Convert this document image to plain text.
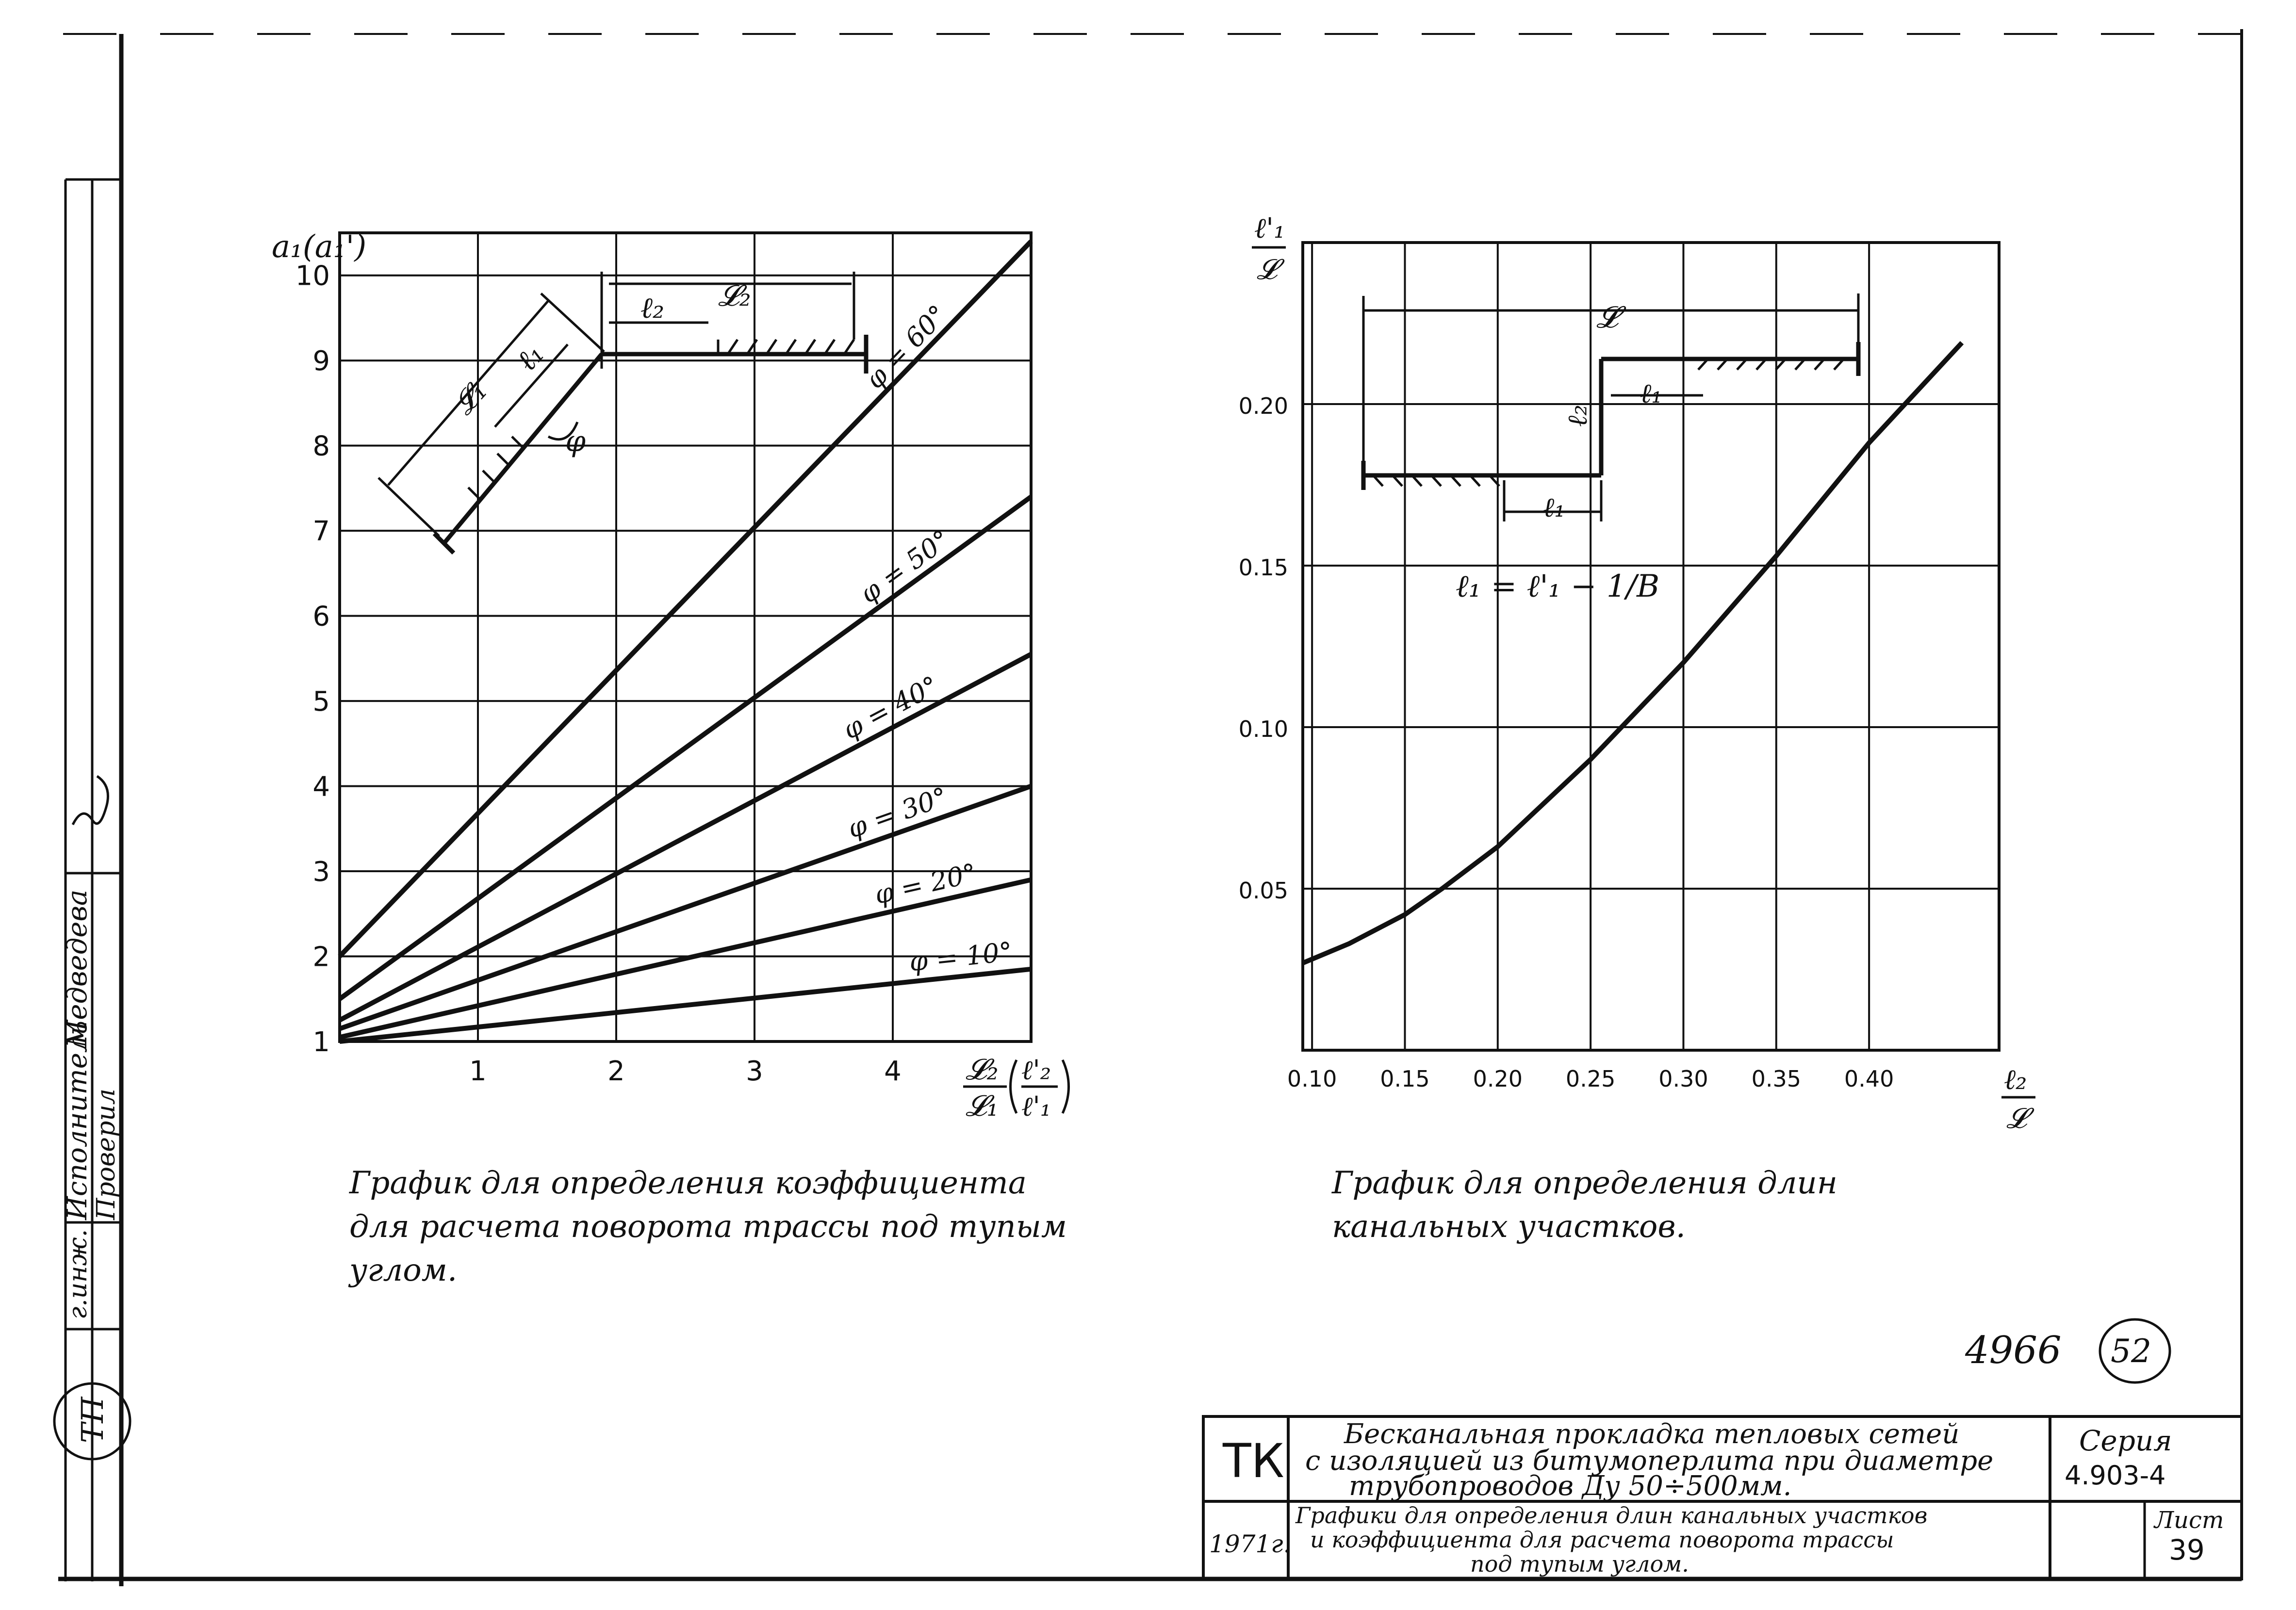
Исполнитель
Медведева
Проверил
г.инж.
ТП
1	2	3	4
1
2
3
4
5
6
7
8
9
10
φ = 60°
φ = 50°
φ = 40°
φ = 30°
φ = 20°
φ = 10°
a₁(a₁')
𝓛₂
𝓛₁
ℓ'₂
ℓ'₁
𝓛₂
ℓ₂
𝓛₁
ℓ₁
φ
График для определения коэффициента
для расчета поворота трассы под тупым
углом.
0.10 0.15 0.20 0.25 0.30 0.35 0.40
0.05
0.10
0.15
0.20
ℓ'₁
𝓛
ℓ₂
𝓛
𝓛
ℓ₁
ℓ₁
ℓ₂
ℓ₁ = ℓ'₁ − 1/B
График для определения длин
канальных участков.
4966 52
ТК
1971г.
Бесканальная прокладка тепловых сетей
с изоляцией из битумоперлита при диаметре
трубопроводов Ду 50÷500мм.
Графики для определения длин канальных участков
и коэффициента для расчета поворота трассы
под тупым углом.
Серия
4.903-4
Лист
39
